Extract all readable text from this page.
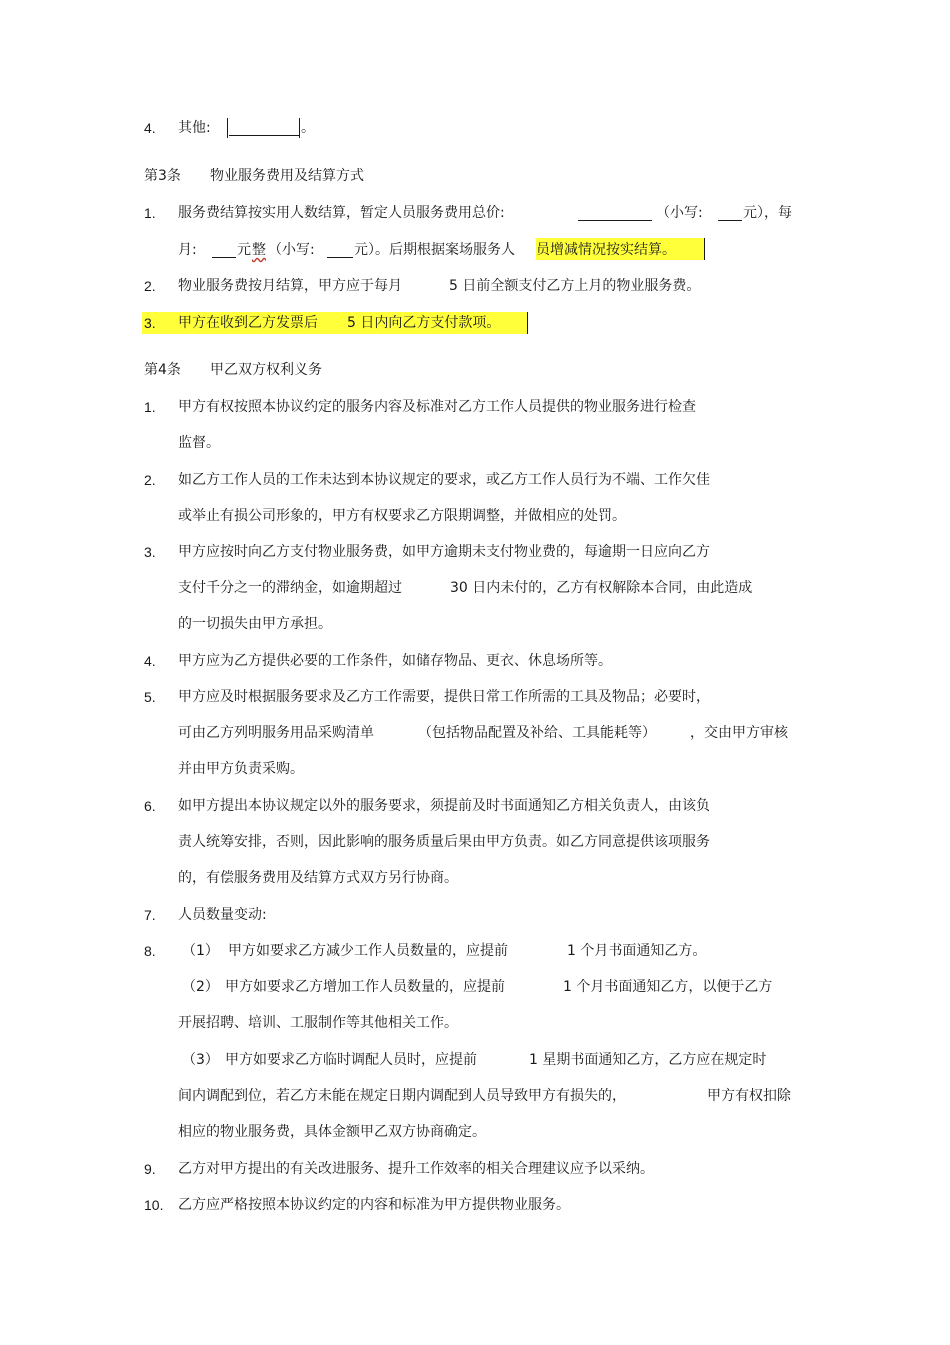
4. 其他:	。
第3条 物业服务费用及结算方式
1. 服务费结算按实用人数结算，暂定人员服务费用总价:	（小写:	元），每
月:	元 整 （小写:	元）。后期根据案场服务人 员增减情况按实结算。
2. 物业服务费按月结算，甲方应于每月	5 日前全额支付乙方上月的物业服务费。
3. 甲方在收到乙方发票后 5 日内向乙方支付款项。
第4条 甲乙双方权利义务
1. 甲方有权按照本协议约定的服务内容及标准对乙方工作人员提供的物业服务进行检查
监督。
2. 如乙方工作人员的工作未达到本协议规定的要求，或乙方工作人员行为不端、工作欠佳
或举止有损公司形象的，甲方有权要求乙方限期调整，并做相应的处罚。
3. 甲方应按时向乙方支付物业服务费，如甲方逾期未支付物业费的，每逾期一日应向乙方
支付千分之一的滞纳金，如逾期超过	30 日内未付的，乙方有权解除本合同，由此造成
的一切损失由甲方承担。
4. 甲方应为乙方提供必要的工作条件，如储存物品、更衣、休息场所等。
5. 甲方应及时根据服务要求及乙方工作需要，提供日常工作所需的工具及物品；必要时，
可由乙方列明服务用品采购清单	（包括物品配置及补给、工具能耗等） ，交由甲方审核
并由甲方负责采购。
6. 如甲方提出本协议规定以外的服务要求，须提前及时书面通知乙方相关负责人，由该负
责人统筹安排，否则，因此影响的服务质量后果由甲方负责。如乙方同意提供该项服务
的，有偿服务费用及结算方式双方另行协商。
7. 人员数量变动:
8. （1） 甲方如要求乙方减少工作人员数量的，应提前	1 个月书面通知乙方。
（2） 甲方如要求乙方增加工作人员数量的，应提前	1 个月书面通知乙方，以便于乙方
开展招聘、培训、工服制作等其他相关工作。
（3） 甲方如要求乙方临时调配人员时，应提前	1 星期书面通知乙方，乙方应在规定时
间内调配到位，若乙方未能在规定日期内调配到人员导致甲方有损失的，	甲方有权扣除
相应的物业服务费，具体金额甲乙双方协商确定。
9. 乙方对甲方提出的有关改进服务、提升工作效率的相关合理建议应予以采纳。
10. 乙方应严格按照本协议约定的内容和标准为甲方提供物业服务。
